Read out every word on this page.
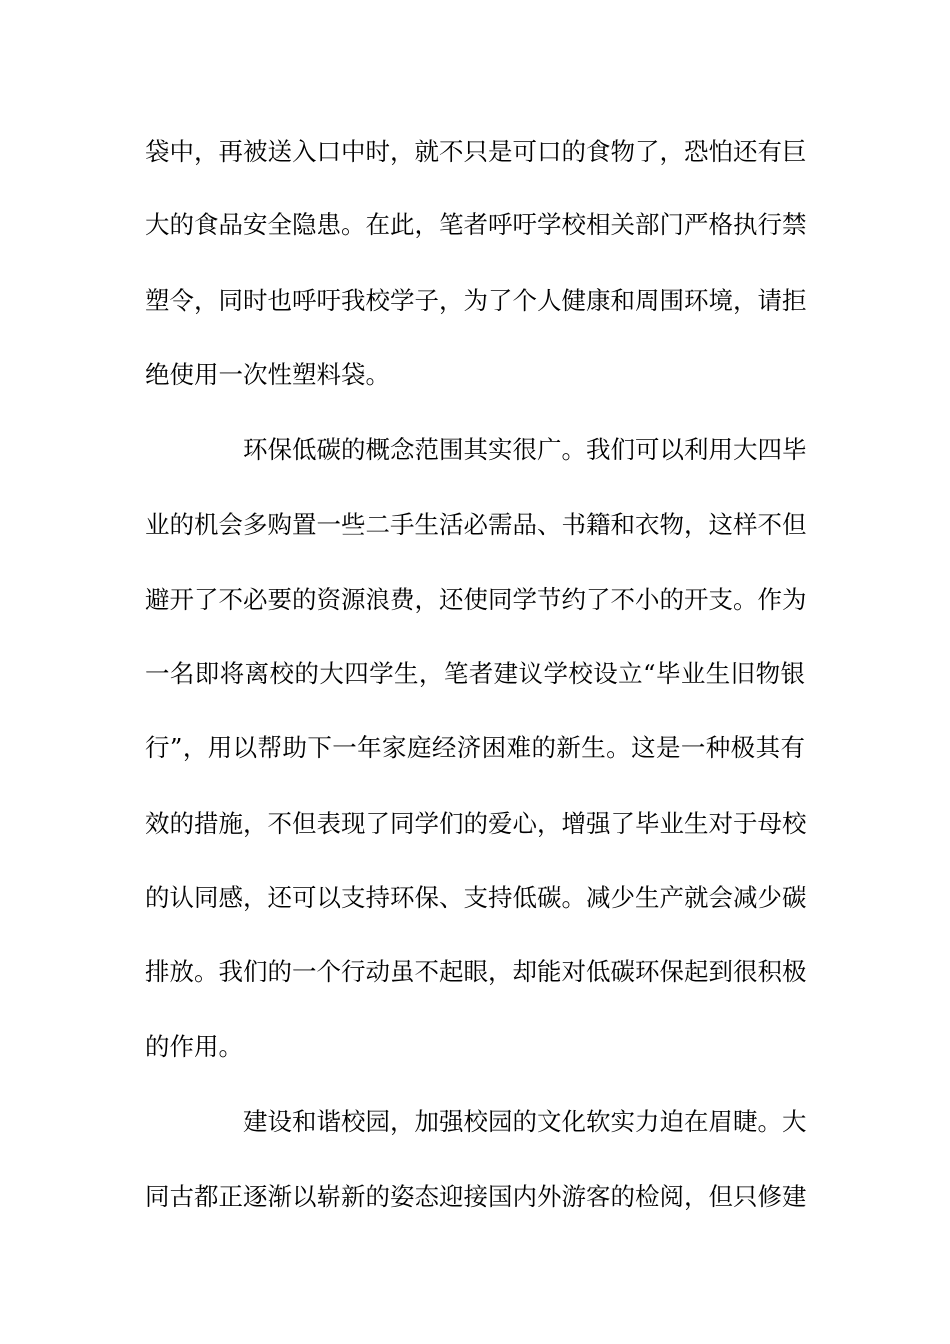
袋中，再被送入口中时，就不只是可口的食物了，恐怕还有巨
大的食品安全隐患。在此，笔者呼吁学校相关部门严格执行禁
塑令，同时也呼吁我校学子，为了个人健康和周围环境，请拒
绝使用一次性塑料袋。
环保低碳的概念范围其实很广。我们可以利用大四毕
业的机会多购置一些二手生活必需品、书籍和衣物，这样不但
避开了不必要的资源浪费，还使同学节约了不小的开支。作为
一名即将离校的大四学生，笔者建议学校设立“毕业生旧物银
行”，用以帮助下一年家庭经济困难的新生。这是一种极其有
效的措施，不但表现了同学们的爱心，增强了毕业生对于母校
的认同感，还可以支持环保、支持低碳。减少生产就会减少碳
排放。我们的一个行动虽不起眼，却能对低碳环保起到很积极
的作用。
建设和谐校园，加强校园的文化软实力迫在眉睫。大
同古都正逐渐以崭新的姿态迎接国内外游客的检阅，但只修建
